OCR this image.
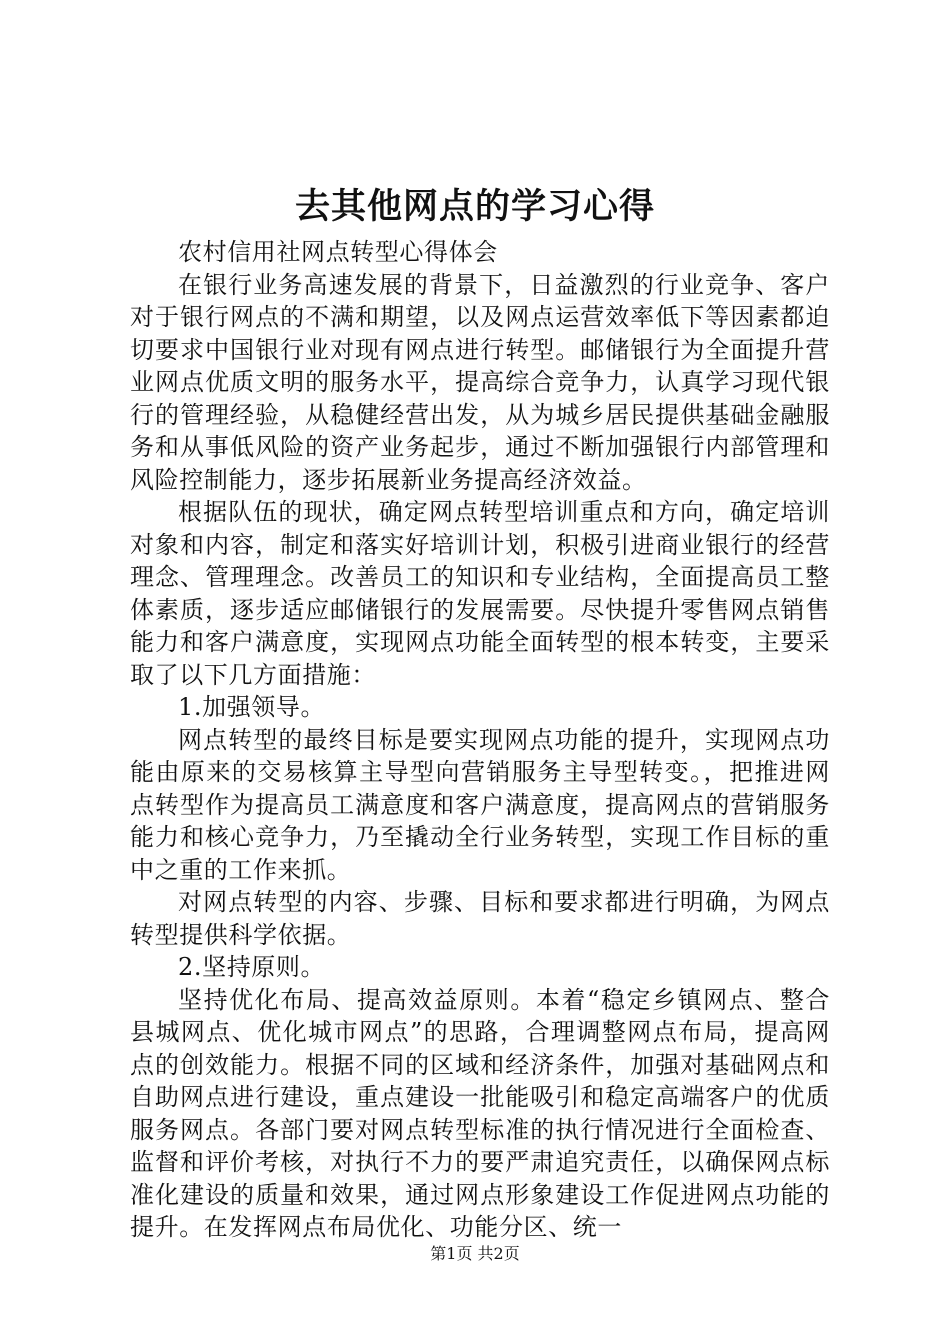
去其他网点的学习心得

农村信用社网点转型心得体会

在银行业务高速发展的背景下，日益激烈的行业竞争、客户对于银行网点的不满和期望，以及网点运营效率低下等因素都迫切要求中国银行业对现有网点进行转型。邮储银行为全面提升营业网点优质文明的服务水平，提高综合竞争力，认真学习现代银行的管理经验，从稳健经营出发，从为城乡居民提供基础金融服务和从事低风险的资产业务起步，通过不断加强银行内部管理和风险控制能力，逐步拓展新业务提高经济效益。

根据队伍的现状，确定网点转型培训重点和方向，确定培训对象和内容，制定和落实好培训计划，积极引进商业银行的经营理念、管理理念。改善员工的知识和专业结构，全面提高员工整体素质，逐步适应邮储银行的发展需要。尽快提升零售网点销售能力和客户满意度，实现网点功能全面转型的根本转变，主要采取了以下几方面措施：

1.加强领导。

网点转型的最终目标是要实现网点功能的提升，实现网点功能由原来的交易核算主导型向营销服务主导型转变。，把推进网点转型作为提高员工满意度和客户满意度，提高网点的营销服务能力和核心竞争力，乃至撬动全行业务转型，实现工作目标的重中之重的工作来抓。

对网点转型的内容、步骤、目标和要求都进行明确，为网点转型提供科学依据。

2.坚持原则。

坚持优化布局、提高效益原则。本着“稳定乡镇网点、整合县城网点、优化城市网点”的思路，合理调整网点布局，提高网点的创效能力。根据不同的区域和经济条件，加强对基础网点和自助网点进行建设，重点建设一批能吸引和稳定高端客户的优质服务网点。各部门要对网点转型标准的执行情况进行全面检查、监督和评价考核，对执行不力的要严肃追究责任，以确保网点标准化建设的质量和效果，通过网点形象建设工作促进网点功能的提升。在发挥网点布局优化、功能分区、统一

第1页 共2页
